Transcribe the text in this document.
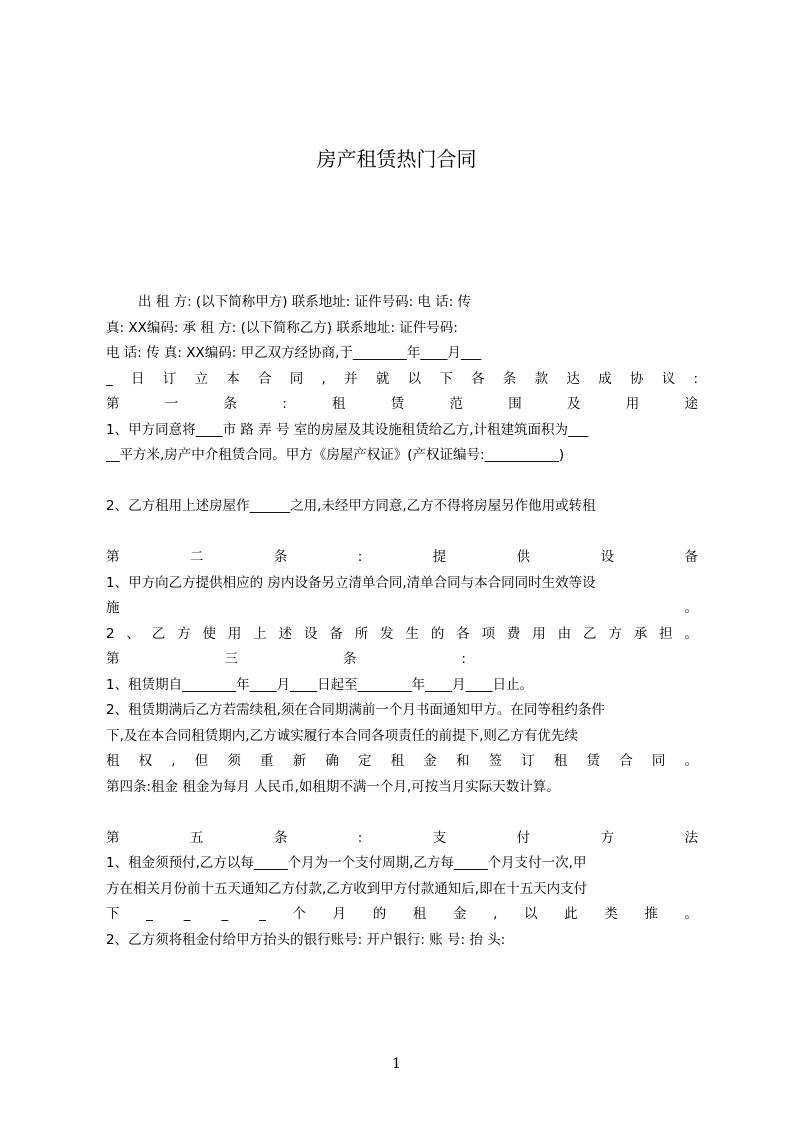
房产租赁热门合同
出 租 方: (以下简称甲方) 联系地址: 证件号码: 电 话: 传
真: XX编码: 承 租 方: (以下简称乙方) 联系地址: 证件号码:
电 话: 传 真: XX编码: 甲乙双方经协商,于________年____月___
_日订立本合同,并就以下各条款达成协议:
第一条:租赁范围及用途
1、甲方同意将____市 路 弄 号 室的房屋及其设施租赁给乙方,计租建筑面积为___
__平方米,房产中介租赁合同。甲方《房屋产权证》(产权证编号:___________)
2、乙方租用上述房屋作______之用,未经甲方同意,乙方不得将房屋另作他用或转租
第二条:提供设备
1、甲方向乙方提供相应的 房内设备另立清单合同,清单合同与本合同同时生效等设
施	。
2、乙方使用上述设备所发生的各项费用由乙方承担。
第三条:
1、租赁期自________年____月____日起至________年____月____日止。
2、租赁期满后乙方若需续租,须在合同期满前一个月书面通知甲方。在同等租约条件
下,及在本合同租赁期内,乙方诚实履行本合同各项责任的前提下,则乙方有优先续
租权,但须重新确定租金和签订租赁合同。
第四条:租金 租金为每月 人民币,如租期不满一个月,可按当月实际天数计算。
第五条:支付方法
1、租金须预付,乙方以每_____个月为一个支付周期,乙方每_____个月支付一次,甲
方在相关月份前十五天通知乙方付款,乙方收到甲方付款通知后,即在十五天内支付
下_ _ _ _个月的租金,以此类推。
2、乙方须将租金付给甲方抬头的银行账号: 开户银行: 账 号: 抬 头:
1
